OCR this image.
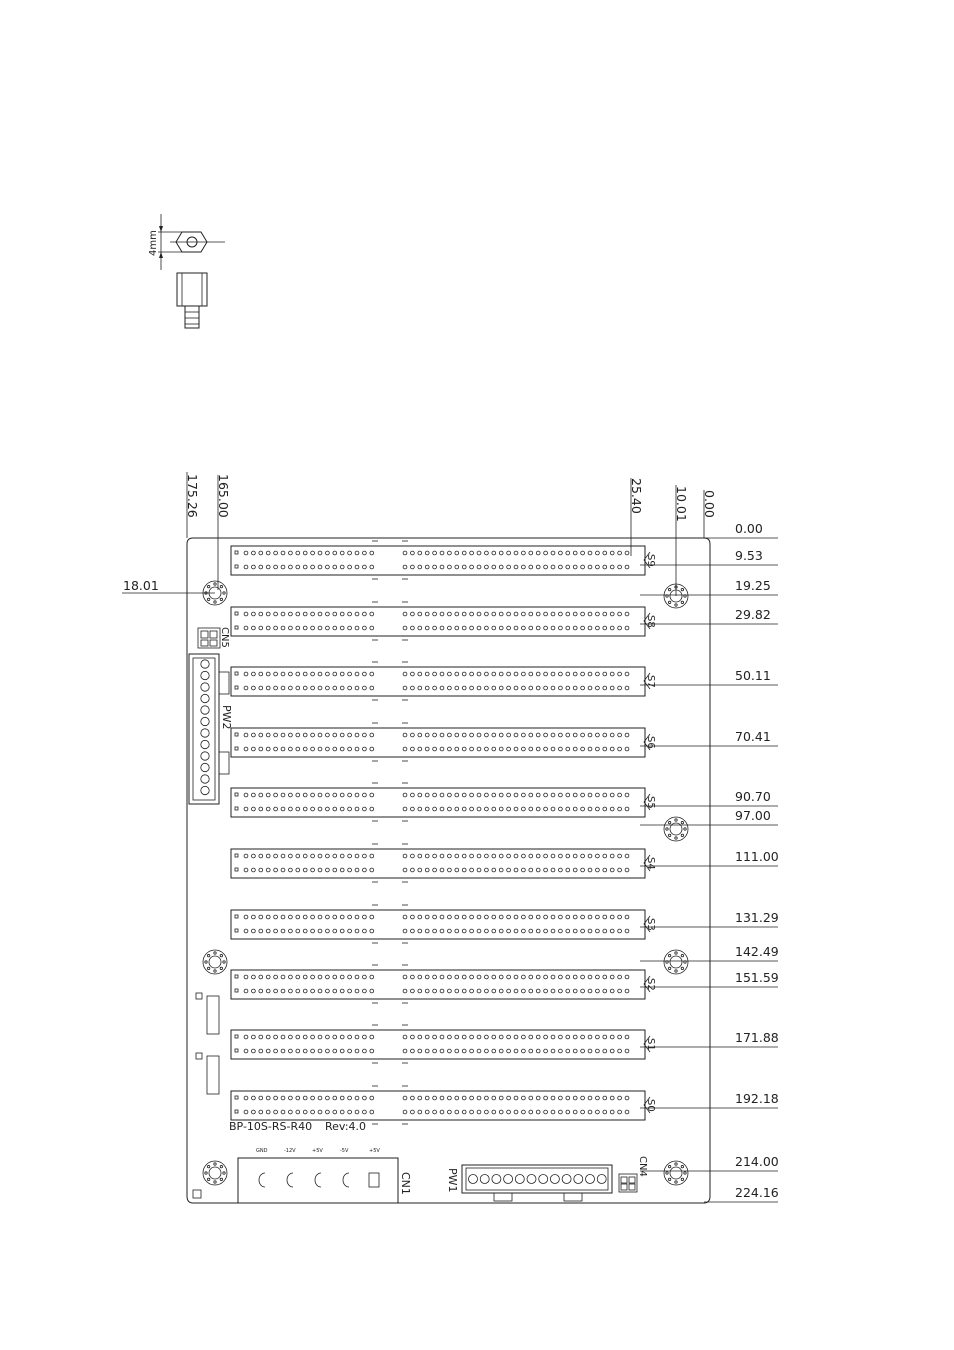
4mm
175.26 165.00	25.40 10.01 0.00
18.01
0.00
9.53
19.25
29.82
50.11
70.41
90.70
97.00
111.00
131.29
142.49
151.59
171.88
192.18
214.00
224.16
S9
S8
S7
S6
S5
S4
S3
S2
S1
S0
CN5
PW2
BP-10S-RS-R40 Rev:4.0
CN1
GND	-12V	+5V	-5V	+5V
PW1
CN4
